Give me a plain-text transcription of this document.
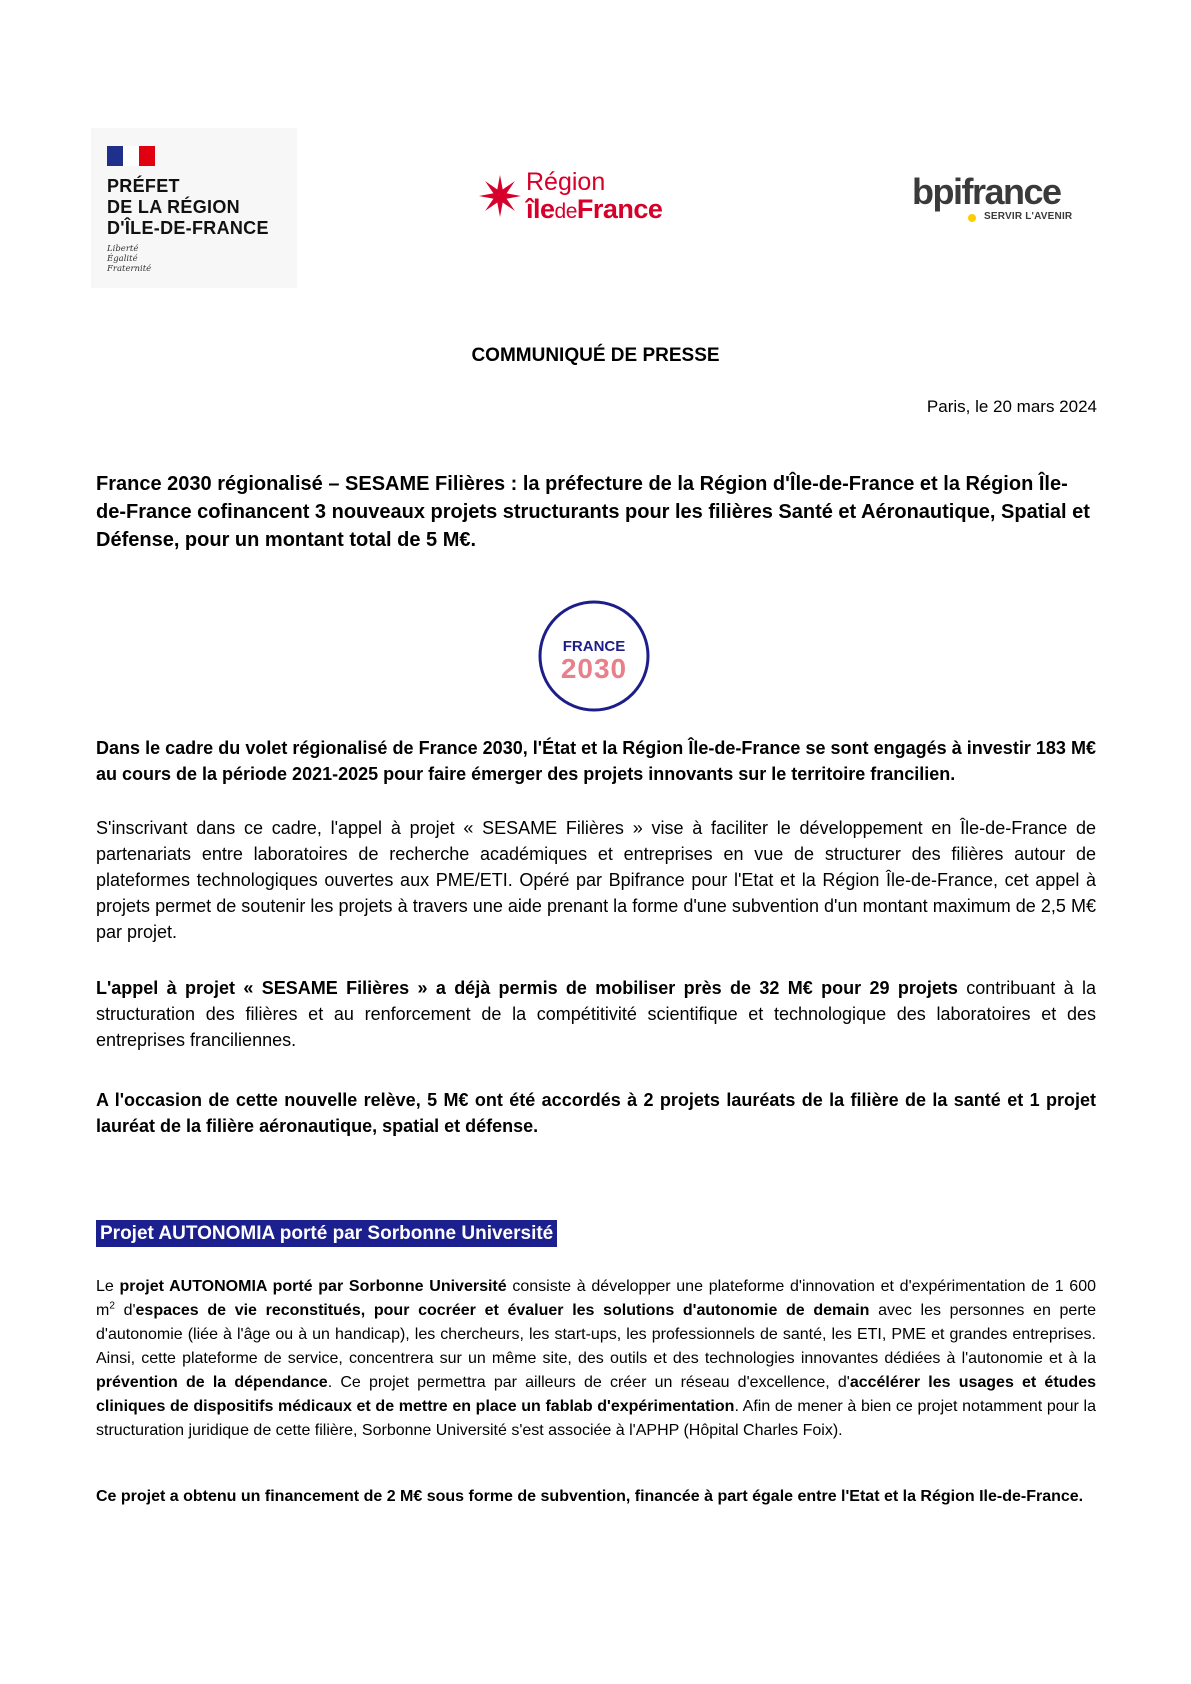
PRÉFET
DE LA RÉGION
D'ÎLE-DE-FRANCE
Liberté
Égalité
Fraternité
Région
îledeFrance	bpifrance
SERVIR L'AVENIR
COMMUNIQUÉ DE PRESSE
Paris, le 20 mars 2024
France 2030 régionalisé – SESAME Filières : la préfecture de la Région d'Île-de-France et la Région Île-de-France cofinancent 3 nouveaux projets structurants pour les filières Santé et Aéronautique, Spatial et Défense, pour un montant total de 5 M€.
FRANCE
2030
Dans le cadre du volet régionalisé de France 2030, l'État et la Région Île-de-France se sont engagés à investir 183 M€ au cours de la période 2021-2025 pour faire émerger des projets innovants sur le territoire francilien.
S'inscrivant dans ce cadre, l'appel à projet « SESAME Filières » vise à faciliter le développement en Île-de-France de partenariats entre laboratoires de recherche académiques et entreprises en vue de structurer des filières autour de plateformes technologiques ouvertes aux PME/ETI. Opéré par Bpifrance pour l'Etat et la Région Île-de-France, cet appel à projets permet de soutenir les projets à travers une aide prenant la forme d'une subvention d'un montant maximum de 2,5 M€ par projet.
L'appel à projet « SESAME Filières » a déjà permis de mobiliser près de 32 M€ pour 29 projets contribuant à la structuration des filières et au renforcement de la compétitivité scientifique et technologique des laboratoires et des entreprises franciliennes.
A l'occasion de cette nouvelle relève, 5 M€ ont été accordés à 2 projets lauréats de la filière de la santé et 1 projet lauréat de la filière aéronautique, spatial et défense.
Projet AUTONOMIA porté par Sorbonne Université
Le projet AUTONOMIA porté par Sorbonne Université consiste à développer une plateforme d'innovation et d'expérimentation de 1 600 $m^2$ d'espaces de vie reconstitués, pour cocréer et évaluer les solutions d'autonomie de demain avec les personnes en perte d'autonomie (liée à l'âge ou à un handicap), les chercheurs, les start-ups, les professionnels de santé, les ETI, PME et grandes entreprises. Ainsi, cette plateforme de service, concentrera sur un même site, des outils et des technologies innovantes dédiées à l'autonomie et à la prévention de la dépendance. Ce projet permettra par ailleurs de créer un réseau d'excellence, d'accélérer les usages et études cliniques de dispositifs médicaux et de mettre en place un fablab d'expérimentation. Afin de mener à bien ce projet notamment pour la structuration juridique de cette filière, Sorbonne Université s'est associée à l'APHP (Hôpital Charles Foix).
Ce projet a obtenu un financement de 2 M€ sous forme de subvention, financée à part égale entre l'Etat et la Région Ile-de-France.
